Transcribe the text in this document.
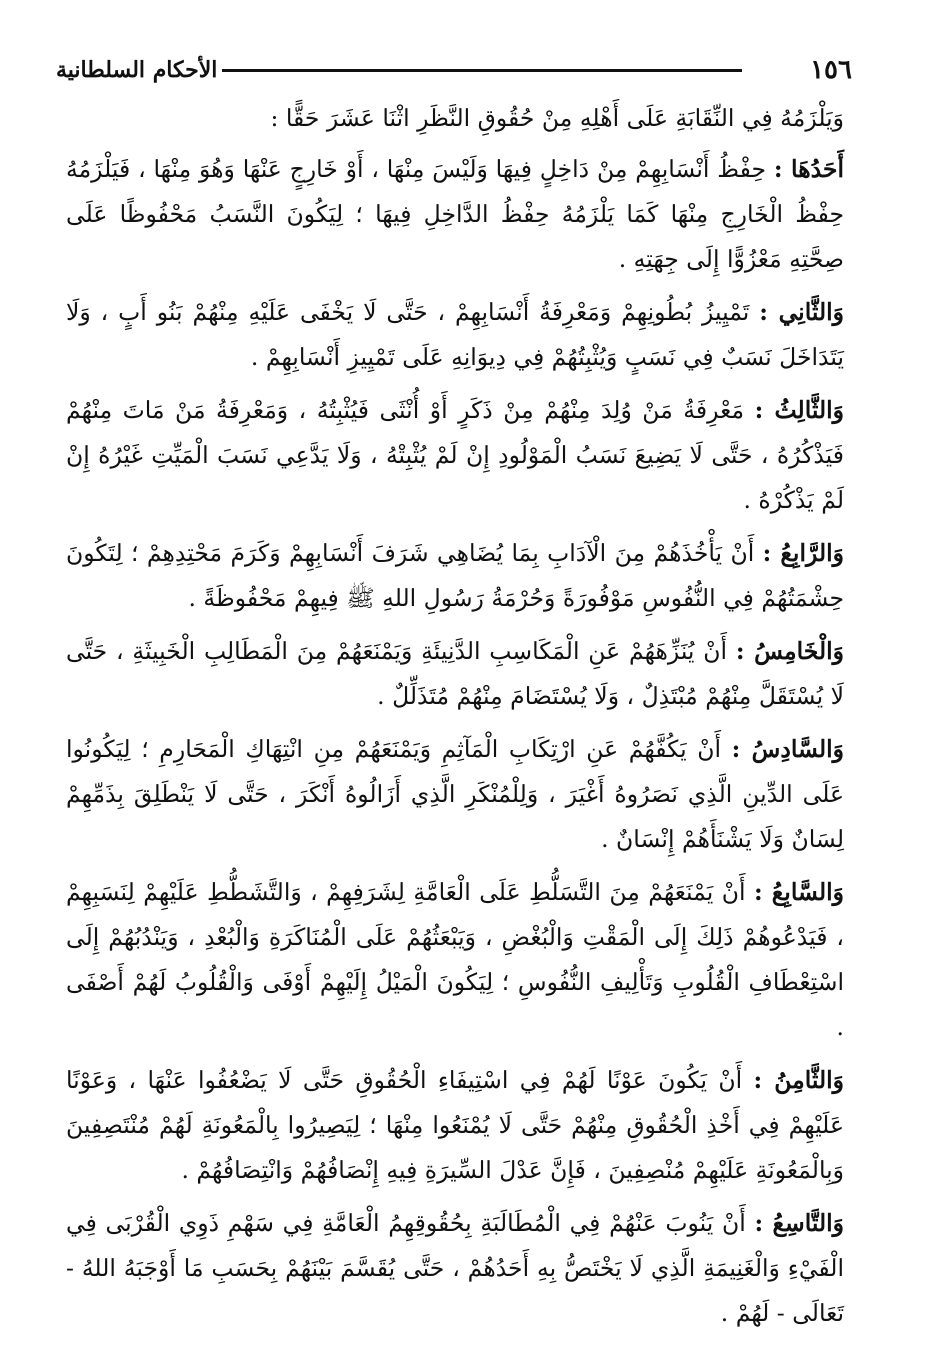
١٥٦
الأحكام السلطانية

وَيَلْزَمُهُ فِي النِّقَابَةِ عَلَى أَهْلِهِ مِنْ حُقُوقِ النَّظَرِ اثْنَا عَشَرَ حَقًّا :

أَحَدُهَا : حِفْظُ أَنْسَابِهِمْ مِنْ دَاخِلٍ فِيهَا وَلَيْسَ مِنْهَا ، أَوْ خَارِجٍ عَنْهَا وَهُوَ مِنْهَا ، فَيَلْزَمُهُ حِفْظُ الْخَارِجِ مِنْهَا كَمَا يَلْزَمُهُ حِفْظُ الدَّاخِلِ فِيهَا ؛ لِيَكُونَ النَّسَبُ مَحْفُوظًا عَلَى صِحَّتِهِ مَعْزُوًّا إِلَى جِهَتِهِ .

وَالثَّانِي : تَمْيِيزُ بُطُونِهِمْ وَمَعْرِفَةُ أَنْسَابِهِمْ ، حَتَّى لَا يَخْفَى عَلَيْهِ مِنْهُمْ بَنُو أَبٍ ، وَلَا يَتَدَاخَلَ نَسَبٌ فِي نَسَبٍ وَيُثْبِتُهُمْ فِي دِيوَانِهِ عَلَى تَمْيِيزِ أَنْسَابِهِمْ .

وَالثَّالِثُ : مَعْرِفَةُ مَنْ وُلِدَ مِنْهُمْ مِنْ ذَكَرٍ أَوْ أُنْثَى فَيُثْبِتُهُ ، وَمَعْرِفَةُ مَنْ مَاتَ مِنْهُمْ فَيَذْكُرُهُ ، حَتَّى لَا يَضِيعَ نَسَبُ الْمَوْلُودِ إِنْ لَمْ يُثْبِتْهُ ، وَلَا يَدَّعِي نَسَبَ الْمَيِّتِ غَيْرُهُ إِنْ لَمْ يَذْكُرْهُ .

وَالرَّابِعُ : أَنْ يَأْخُذَهُمْ مِنَ الْآدَابِ بِمَا يُضَاهِي شَرَفَ أَنْسَابِهِمْ وَكَرَمَ مَحْتِدِهِمْ ؛ لِتَكُونَ حِشْمَتُهُمْ فِي النُّفُوسِ مَوْفُورَةً وَحُرْمَةُ رَسُولِ اللهِ ﷺ فِيهِمْ مَحْفُوظَةً .

وَالْخَامِسُ : أَنْ يُنَزِّهَهُمْ عَنِ الْمَكَاسِبِ الدَّنِيئَةِ وَيَمْنَعَهُمْ مِنَ الْمَطَالِبِ الْخَبِيثَةِ ، حَتَّى لَا يُسْتَقَلَّ مِنْهُمْ مُبْتَذِلٌ ، وَلَا يُسْتَضَامَ مِنْهُمْ مُتَذَلِّلٌ .

وَالسَّادِسُ : أَنْ يَكُفَّهُمْ عَنِ ارْتِكَابِ الْمَآثِمِ وَيَمْنَعَهُمْ مِنِ انْتِهَاكِ الْمَحَارِمِ ؛ لِيَكُونُوا عَلَى الدِّينِ الَّذِي نَصَرُوهُ أَغْيَرَ ، وَلِلْمُنْكَرِ الَّذِي أَزَالُوهُ أَنْكَرَ ، حَتَّى لَا يَنْطَلِقَ بِذَمِّهِمْ لِسَانٌ وَلَا يَشْنَأَهُمْ إِنْسَانٌ .

وَالسَّابِعُ : أَنْ يَمْنَعَهُمْ مِنَ التَّسَلُّطِ عَلَى الْعَامَّةِ لِشَرَفِهِمْ ، وَالتَّشَطُّطِ عَلَيْهِمْ لِنَسَبِهِمْ ، فَيَدْعُوهُمْ ذَلِكَ إِلَى الْمَقْتِ وَالْبُغْضِ ، وَيَبْعَثُهُمْ عَلَى الْمُنَاكَرَةِ وَالْبُعْدِ ، وَيَنْدُبُهُمْ إِلَى اسْتِعْطَافِ الْقُلُوبِ وَتَأْلِيفِ النُّفُوسِ ؛ لِيَكُونَ الْمَيْلُ إِلَيْهِمْ أَوْفَى وَالْقُلُوبُ لَهُمْ أَصْفَى .

وَالثَّامِنُ : أَنْ يَكُونَ عَوْنًا لَهُمْ فِي اسْتِيفَاءِ الْحُقُوقِ حَتَّى لَا يَضْعُفُوا عَنْهَا ، وَعَوْنًا عَلَيْهِمْ فِي أَخْذِ الْحُقُوقِ مِنْهُمْ حَتَّى لَا يُمْنَعُوا مِنْهَا ؛ لِيَصِيرُوا بِالْمَعُونَةِ لَهُمْ مُنْتَصِفِينَ وَبِالْمَعُونَةِ عَلَيْهِمْ مُنْصِفِينَ ، فَإِنَّ عَدْلَ السِّيرَةِ فِيهِ إِنْصَافُهُمْ وَانْتِصَافُهُمْ .

وَالتَّاسِعُ : أَنْ يَنُوبَ عَنْهُمْ فِي الْمُطَالَبَةِ بِحُقُوقِهِمُ الْعَامَّةِ فِي سَهْمِ ذَوِي الْقُرْبَى فِي الْفَيْءِ وَالْغَنِيمَةِ الَّذِي لَا يَخْتَصُّ بِهِ أَحَدُهُمْ ، حَتَّى يُقَسَّمَ بَيْنَهُمْ بِحَسَبِ مَا أَوْجَبَهُ اللهُ - تَعَالَى - لَهُمْ .
